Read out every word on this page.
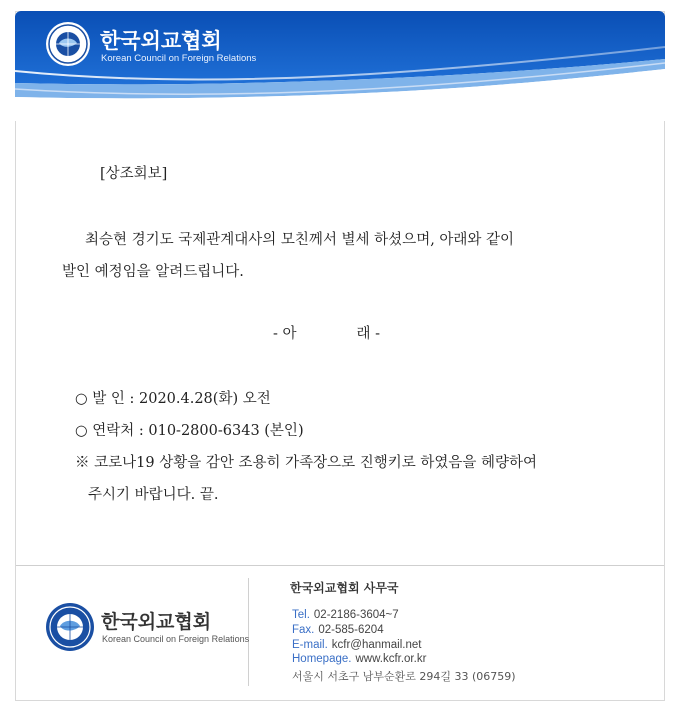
한국외교협회
Korean Council on Foreign Relations
[상조회보]
최승현 경기도 국제관계대사의 모친께서 별세 하셨으며, 아래와 같이
발인 예정임을 알려드립니다.
- 아	래 -
○ 발 인 : 2020.4.28(화) 오전
○ 연락처 : 010-2800-6343 (본인)
※ 코로나19 상황을 감안 조용히 가족장으로 진행키로 하였음을 헤량하여
주시기 바랍니다. 끝.
한국외교협회
Korean Council on Foreign Relations
한국외교협회 사무국
Tel. 02-2186-3604~7
Fax. 02-585-6204
E-mail. kcfr@hanmail.net
Homepage. www.kcfr.or.kr
서울시 서초구 남부순환로 294길 33 (06759)
